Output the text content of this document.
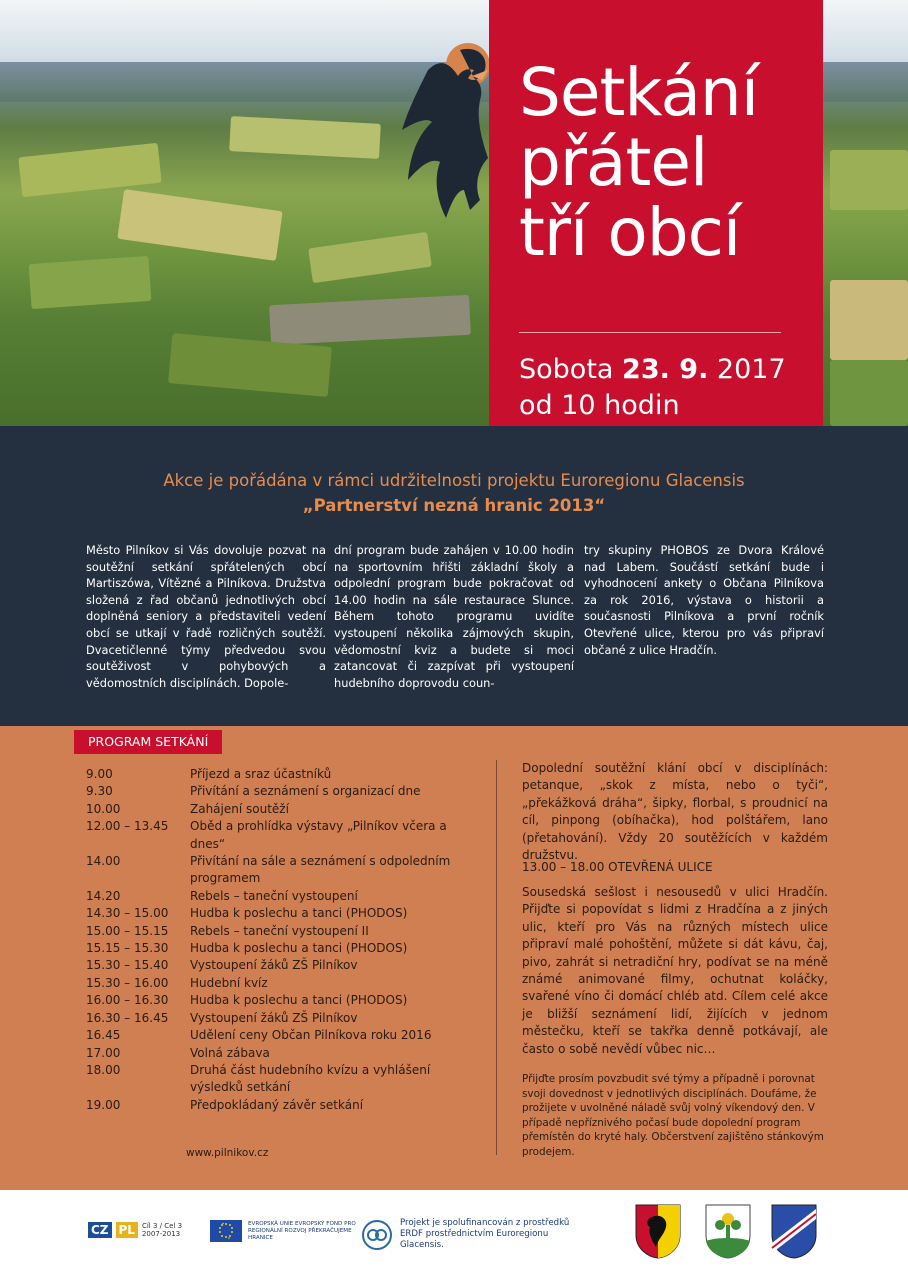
Setkání
přátel
tří obcí
Sobota 23. 9. 2017
od 10 hodin
Akce je pořádána v rámci udržitelnosti projektu Euroregionu Glacensis
„Partnerství nezná hranic 2013“
Město Pilníkov si Vás dovoluje pozvat na soutěžní setkání spřátelených obcí Martiszówa, Vítězné a Pilníkova. Družstva složená z řad občanů jednotlivých obcí doplněná seniory a představiteli vedení obcí se utkají v řadě rozličných soutěží. Dvacetičlenné týmy předvedou svou soutěživost v pohybových a vědomostních disciplínách. Dopole-
dní program bude zahájen v 10.00 hodin na sportovním hřišti základní školy a odpolední program bude pokračovat od 14.00 hodin na sále restaurace Slunce. Během tohoto programu uvidíte vystoupení několika zájmových skupin, vědomostní kviz a budete si moci zatancovat či zazpívat při vystoupení hudebního doprovodu coun-
try skupiny PHOBOS ze Dvora Králové nad Labem. Součástí setkání bude i vyhodnocení ankety o Občana Pilníkova za rok 2016, výstava o historii a současnosti Pilníkova a první ročník Otevřené ulice, kterou pro vás připraví občané z ulice Hradčín.
PROGRAM SETKÁNÍ
9.00	Příjezd a sraz účastníků
9.30	Přivítání a seznámení s organizací dne
10.00	Zahájení soutěží
12.00 – 13.45	Oběd a prohlídka výstavy „Pilníkov včera a dnes“
14.00	Přivítání na sále a seznámení s odpoledním programem
14.20	Rebels – taneční vystoupení
14.30 – 15.00	Hudba k poslechu a tanci (PHODOS)
15.00 – 15.15	Rebels – taneční vystoupení II
15.15 – 15.30	Hudba k poslechu a tanci (PHODOS)
15.30 – 15.40	Vystoupení žáků ZŠ Pilníkov
15.30 – 16.00	Hudební kvíz
16.00 – 16.30	Hudba k poslechu a tanci (PHODOS)
16.30 – 16.45	Vystoupení žáků ZŠ Pilníkov
16.45	Udělení ceny Občan Pilníkova roku 2016
17.00	Volná zábava
18.00	Druhá část hudebního kvízu a vyhlášení výsledků setkání
19.00	Předpokládaný závěr setkání
www.pilnikov.cz
Dopolední soutěžní klání obcí v disciplínách: petanque, „skok z místa, nebo o tyči“, „překážková dráha“, šipky, florbal, s proudnicí na cíl, pinpong (obíhačka), hod polštářem, lano (přetahování). Vždy 20 soutěžících v každém družstvu.
13.00 – 18.00 OTEVŘENÁ ULICE
Sousedská sešlost i nesousedů v ulici Hradčín. Přijďte si popovídat s lidmi z Hradčína a z jiných ulic, kteří pro Vás na různých místech ulice připraví malé pohoštění, můžete si dát kávu, čaj, pivo, zahrát si netradiční hry, podívat se na méně známé animované filmy, ochutnat koláčky, svařené víno či domácí chléb atd. Cílem celé akce je bližší seznámení lidí, žijících v jednom městečku, kteří se takřka denně potkávají, ale často o sobě nevědí vůbec nic…
Přijďte prosím povzbudit své týmy a případně i porovnat svoji dovednost v jednotlivých disciplínách. Doufáme, že prožijete v uvolněné náladě svůj volný víkendový den. V případě nepříznivého počasí bude dopolední program přemístěn do kryté haly. Občerstvení zajištěno stánkovým prodejem.
CZ PL	Cíl 3 / Cel 3 2007-2013
EVROPSKÁ UNIE EVROPSKÝ FOND PRO REGIONÁLNÍ ROZVOJ PŘEKRAČUJEME HRANICE
Projekt je spolufinancován z prostředků ERDF prostřednictvím Euroregionu Glacensis.
